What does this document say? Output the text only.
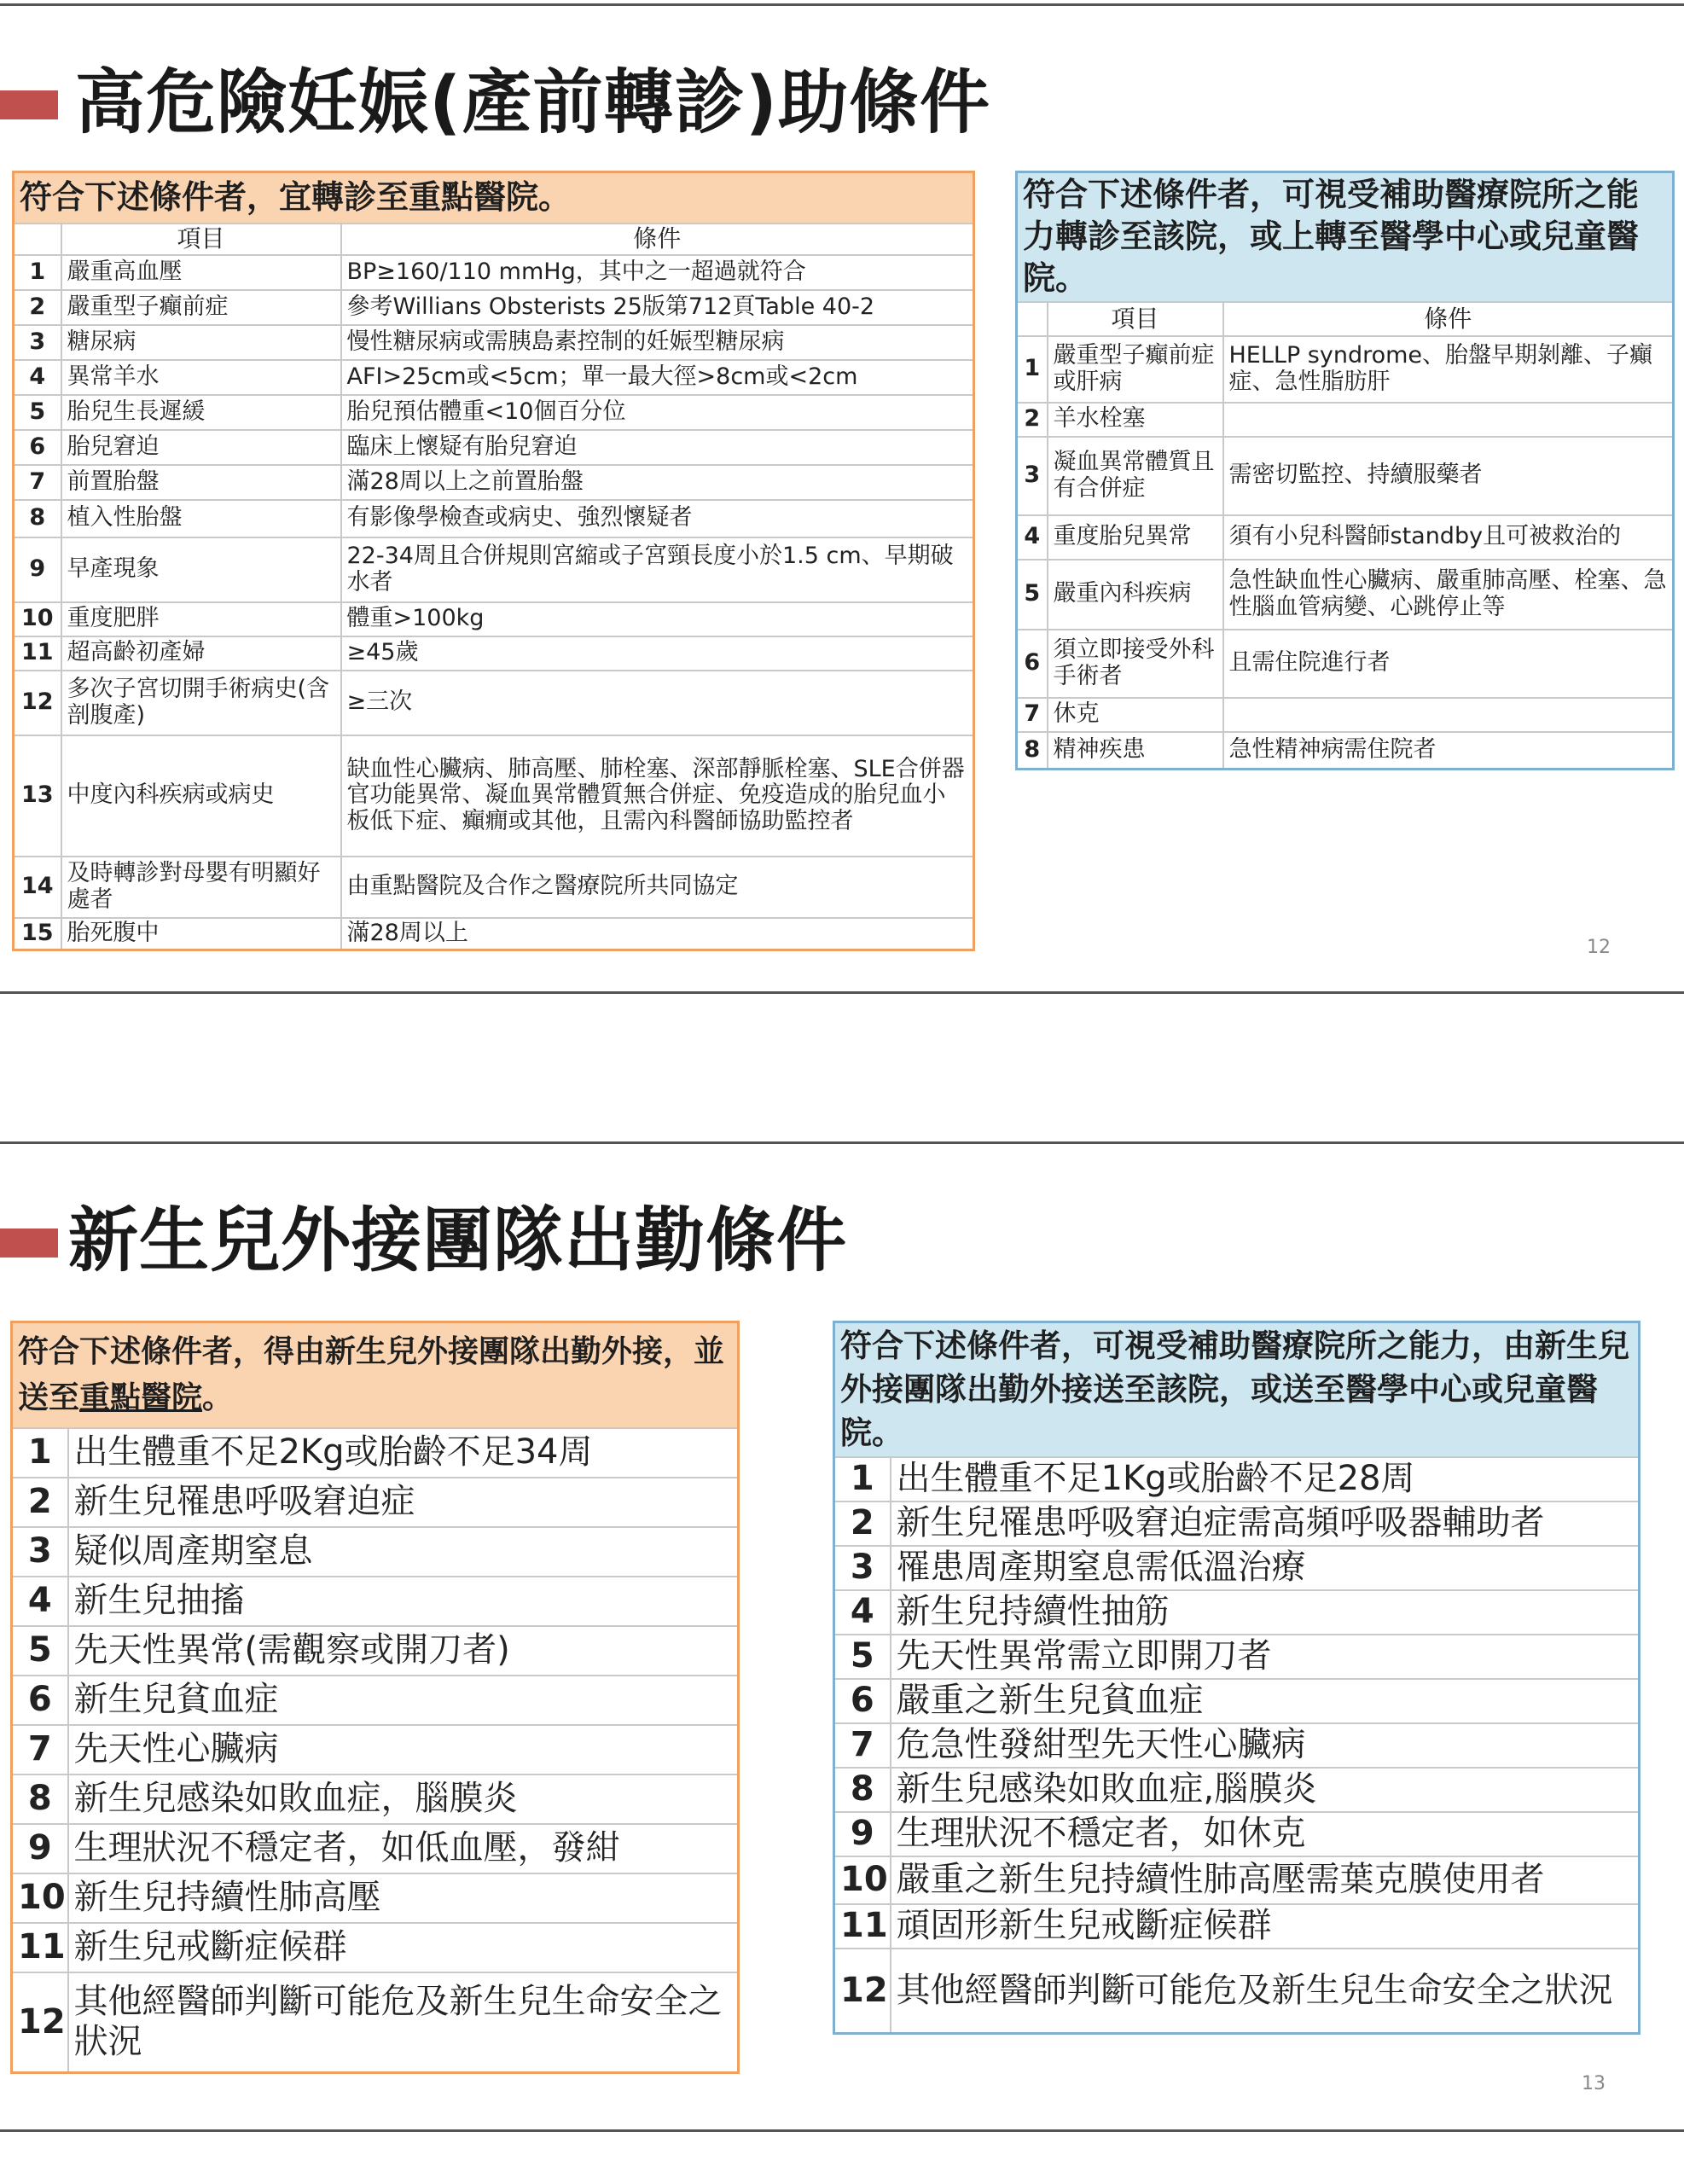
高危險妊娠(產前轉診)助條件
符合下述條件者，宜轉診至重點醫院。		
	項目	條件
1	嚴重高血壓	BP≥160/110 mmHg，其中之一超過就符合
2	嚴重型子癲前症	參考Willians Obsterists 25版第712頁Table 40-2
3	糖尿病	慢性糖尿病或需胰島素控制的妊娠型糖尿病
4	異常羊水	AFI>25cm或<5cm；單一最大徑>8cm或<2cm
5	胎兒生長遲緩	胎兒預估體重<10個百分位
6	胎兒窘迫	臨床上懷疑有胎兒窘迫
7	前置胎盤	滿28周以上之前置胎盤
8	植入性胎盤	有影像學檢查或病史、強烈懷疑者
9	早產現象	22-34周且合併規則宮縮或子宮頸長度小於1.5 cm、早期破水者
10	重度肥胖	體重>100kg
11	超高齡初產婦	≥45歲
12	多次子宮切開手術病史(含剖腹產)	≥三次
13	中度內科疾病或病史	缺血性心臟病、肺高壓、肺栓塞、深部靜脈栓塞、SLE合併器官功能異常、凝血異常體質無合併症、免疫造成的胎兒血小板低下症、癲癇或其他，且需內科醫師協助監控者
14	及時轉診對母嬰有明顯好處者	由重點醫院及合作之醫療院所共同協定
15	胎死腹中	滿28周以上
符合下述條件者，可視受補助醫療院所之能力轉診至該院，或上轉至醫學中心或兒童醫院。		
	項目	條件
1	嚴重型子癲前症或肝病	HELLP syndrome、胎盤早期剝離、子癲症、急性脂肪肝
2	羊水栓塞	
3	凝血異常體質且有合併症	需密切監控、持續服藥者
4	重度胎兒異常	須有小兒科醫師standby且可被救治的
5	嚴重內科疾病	急性缺血性心臟病、嚴重肺高壓、栓塞、急性腦血管病變、心跳停止等
6	須立即接受外科手術者	且需住院進行者
7	休克	
8	精神疾患	急性精神病需住院者
12
新生兒外接團隊出勤條件
符合下述條件者，得由新生兒外接團隊出勤外接，並送至重點醫院。	
1	出生體重不足2Kg或胎齡不足34周
2	新生兒罹患呼吸窘迫症
3	疑似周產期窒息
4	新生兒抽搐
5	先天性異常(需觀察或開刀者)
6	新生兒貧血症
7	先天性心臟病
8	新生兒感染如敗血症，腦膜炎
9	生理狀況不穩定者，如低血壓，發紺
10	新生兒持續性肺高壓
11	新生兒戒斷症候群
12	其他經醫師判斷可能危及新生兒生命安全之狀況
符合下述條件者，可視受補助醫療院所之能力，由新生兒外接團隊出勤外接送至該院，或送至醫學中心或兒童醫院。	
1	出生體重不足1Kg或胎齡不足28周
2	新生兒罹患呼吸窘迫症需高頻呼吸器輔助者
3	罹患周產期窒息需低溫治療
4	新生兒持續性抽筋
5	先天性異常需立即開刀者
6	嚴重之新生兒貧血症
7	危急性發紺型先天性心臟病
8	新生兒感染如敗血症,腦膜炎
9	生理狀況不穩定者，如休克
10	嚴重之新生兒持續性肺高壓需葉克膜使用者
11	頑固形新生兒戒斷症候群
12	其他經醫師判斷可能危及新生兒生命安全之狀況
13
